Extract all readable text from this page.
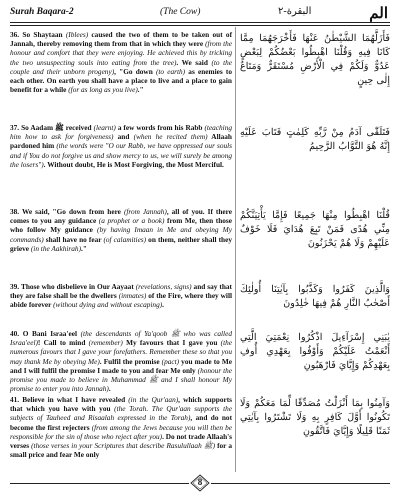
Surah Baqara-2	(The Cow)	البقرة-٢	الم
36. So Shaytaan (Iblees) caused the two of them to be taken out of Jannah, thereby removing them from that in which they were (from the honour and comfort that they were enjoying. He achieved this by tricking the two unsuspecting souls into eating from the tree). We said (to the couple and their unborn progeny), "Go down (to earth) as enemies to each other. On earth you shall have a place to live and a place to gain benefit for a while (for as long as you live)."
37. So Aadam ﷺ received (learnt) a few words from his Rabb (teaching him how to ask for forgiveness) and (when he recited them) Allaah pardoned him (the words were "O our Rabb, we have oppressed our souls and if You do not forgive us and show mercy to us, we will surely be among the losers"). Without doubt, He is Most Forgiving, the Most Merciful.
38. We said, "Go down from here (from Jannah), all of you. If there comes to you any guidance (a prophet or a book) from Me, then those who follow My guidance (by having Imaan in Me and obeying My commands) shall have no fear (of calamities) on them, neither shall they grieve (in the Aakhirah)."
39. Those who disbelieve in Our Aayaat (revelations, signs) and say that they are false shall be the dwellers (inmates) of the Fire, where they will abide forever (without dying and without escaping).
40. O Bani Israa'eel (the descendants of Ya'qoob ﷺ who was called Israa'eel)! Call to mind (remember) My favours that I gave you (the numerous favours that I gave your forefathers. Remember these so that you may thank Me by obeying Me). Fulfil the promise (pact) you made to Me and I will fulfil the promise I made to you and fear Me only (honour the promise you made to believe in Muhammad ﷺ and I shall honour My promise to enter you into Jannah).
41. Believe in what I have revealed (in the Qur'aan), which supports that which you have with you (the Torah. The Qur'aan supports the subjects of Tauheed and Risaalah expressed in the Torah), and do not become the first rejecters (from among the Jews because you will then be responsible for the sin of those who reject after you). Do not trade Allaah's verses (those verses in your Scriptures that describe Rasulullaah ﷺ) for a small price and fear Me only
فَأَزَلَّهُمَا الشَّيْطٰنُ عَنْهَا فَأَخْرَجَهُمَا مِمَّا كَانَا فِيهِ وَقُلْنَا اهْبِطُوا بَعْضُكُمْ لِبَعْضٍ عَدُوٌّ وَلَكُمْ فِي الْأَرْضِ مُسْتَقَرٌّ وَمَتَاعٌ إِلٰى حِينٍ
فَتَلَقّٰى آدَمُ مِنْ رَّبِّهِ كَلِمٰتٍ فَتَابَ عَلَيْهِ إِنَّهُ هُوَ التَّوَّابُ الرَّحِيمُ
قُلْنَا اهْبِطُوا مِنْهَا جَمِيعًا فَإِمَّا يَأْتِيَنَّكُمْ مِنِّي هُدًى فَمَنْ تَبِعَ هُدَايَ فَلَا خَوْفٌ عَلَيْهِمْ وَلَا هُمْ يَحْزَنُونَ
وَالَّذِينَ كَفَرُوا وَكَذَّبُوا بِآيٰتِنَا أُولٰئِكَ أَصْحٰبُ النَّارِ هُمْ فِيهَا خٰلِدُونَ
يٰبَنِي إِسْرَآءِيلَ اذْكُرُوا نِعْمَتِيَ الَّتِي أَنْعَمْتُ عَلَيْكُمْ وَأَوْفُوا بِعَهْدِي أُوفِ بِعَهْدِكُمْ وَإِيَّايَ فَارْهَبُونِ
وَآمِنُوا بِمَا أَنْزَلْتُ مُصَدِّقًا لِّمَا مَعَكُمْ وَلَا تَكُونُوا أَوَّلَ كَافِرٍ بِهِ وَلَا تَشْتَرُوا بِآيٰتِي ثَمَنًا قَلِيلًا وَإِيَّايَ فَاتَّقُونِ
8
